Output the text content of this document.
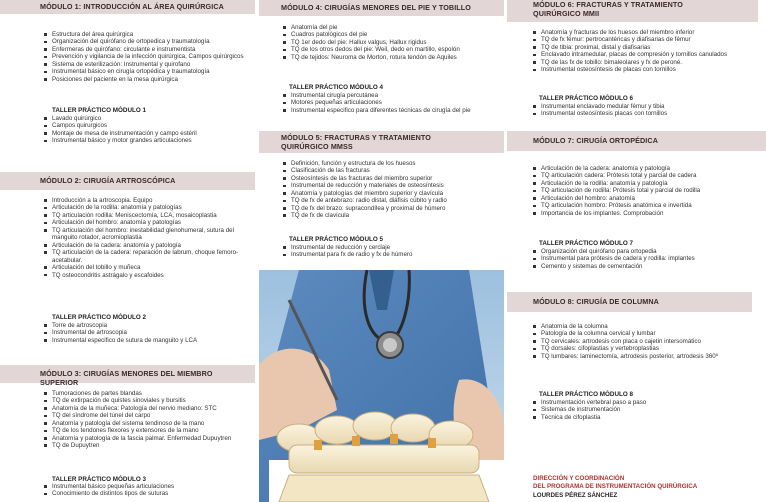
MÓDULO 1: INTRODUCCIÓN AL ÁREA QUIRÚRGICA
Estructura del área quirúrgica
Organización del quirófano de ortopedica y traumatología
Enfermeras de quirófano: circulante e instrumentista
Prevención y vigilancia de la infección quirúrgica, Campos quirúrgicos
Sistema de esterilización: Instrumental y quirofano
Instrumental básico en cirugía ortopédica y traumatología
Posiciones del paciente en la mesa quirúrgica
TALLER PRÁCTICO MÓDULO 1
Lavado quirúrgico
Campos quirurgicos
Montaje de mesa de instrumentación y campo estéril
Instrumental básico y motor grandes articulaciones
MÓDULO 2: CIRUGÍA ARTROSCÓPICA
Introducción a la artroscopia. Equipo
Articulación de la rodilla: anatomía y patologías
TQ articulación rodilla: Meniscectomía, LCA, mosaicoplastia
Articulación del hombro: anatomía y patologías
TQ articulación del hombro: inestabilidad glenohumeral, sutura del manguito rotador, acromioplastia
Articulación de la cadera: anatomía y patología
TQ articulación de la cadera: reparación de labrum, choque femoro- acetabular.
Articulación del tobillo y muñeca
TQ osteocondritis astrágalo y escafoides
TALLER PRÁCTICO MÓDULO 2
Torre de artroscopia
Instrumental de artroscopia
Instrumental especifico de sutura de manguito y LCA
MÓDULO 3: CIRUGÍAS MENORES DEL MIEMBRO SUPERIOR
Tumoraciones de partes blandas
TQ de extirpación de quistes sinoviales y bursitis
Anatomía de la muñeca: Patología del nervio mediano: STC
TQ del síndrome del túnel del carpo
Anatomía y patología del sistema tendinoso de la mano
TQ de los tendones flexores y extensores de la mano
Anatomía y patología de la fascia palmar. Enfermedad Dupuytren
TQ de Dupuytren
TALLER PRÁCTICO MÓDULO 3
Instrumental básico pequeñas articulaciones
Conocimiento de distintos tipos de suturas
MÓDULO 4: CIRUGÍAS MENORES DEL PIE Y TOBILLO
Anatomía del pie
Cuadros patológicos del pie
TQ 1er dedo del pie: Hallux valgus, Hallux rigidus
TQ de los otros dedos del pie: Weil, dedo en martillo, espolón
TQ de tejidos: Neuroma de Morton, rotura tendón de Aquiles
TALLER PRÁCTICO MÓDULO 4
Instrumental cirugía percutánea
Motores pequeñas articulaciones
Instrumental especifico para diferentes técnicas de cirugía del pie
MÓDULO 5: FRACTURAS Y TRATAMIENTO QUIRÚRGICO MMSS
Definición, función y estructura de los huesos
Clasificación de las fracturas
Osteosíntesis de las fracturas del miembro superior
Instrumental de reducción y materiales de osteosíntesis
Anatomía y patologías del miembro superior y clavícula
TQ de fx de antebrazo: radio distal, diáfisis cúbito y radio
TQ de fx del brazo: supracondílea y proximal de húmero
TQ de fx de clavícula
TALLER PRÁCTICO MÓDULO 5
Instrumental de reducción y cerclaje
Instrumental para fx de radio y fx de húmero
MÓDULO 6: FRACTURAS Y TRATAMIENTO QUIRÚRGICO MMII
Anatomía y fracturas de los huesos del miembro inferior
TQ de fx fémur: pertrocantéricas y diafisarias de fémur
TQ de tibia: proximal, distal y diafisarias
Enclavado intramedular, placas de compresión y tornillos canulados
TQ de las fx de tobillo: bimaleolares y fx de peroné.
Instrumental osteosíntesis de placas con tornillos
TALLER PRÁCTICO MÓDULO 6
Instrumental enclavado medular fémur y tibia
Instrumental osteosíntesis placas con tornillos
MÓDULO 7: CIRUGÍA ORTOPÉDICA
Articulación de la cadera: anatomía y patología
TQ articulación cadera: Prótesis total y parcial de cadera
Articulación de la rodilla: anatomía y patología
TQ articulación de rodilla: Prótesis total y parcial de rodilla
Articulación del hombro: anatomía
TQ articulación hombro: Prótesis anatómica e invertida
Importancia de los implantes. Comprobación
TALLER PRÁCTICO MÓDULO 7
Organización del quirófano para ortopedia
Instrumental para prótesis de cadera y rodilla: implantes
Cemento y sistemas de cementación
MÓDULO 8: CIRUGÍA DE COLUMNA
Anatomía de la columna
Patología de la columna cervical y lumbar
TQ cervicales: artrodesis con placa o cajetin intersomático
TQ dorsales: cifoplastias y vertebroplastias
TQ lumbares: laminectomía, artrodesis posterior, artrodesis 360º
TALLER PRÁCTICO MÓDULO 8
Instrumentación vertebral paso a paso
Sistemas de instrumentación
Técnica de cifoplastia
DIRECCIÓN Y COORDINACIÓN
DEL PROGRAMA DE INSTRUMENTACIÓN QUIRÚRGICA
LOURDES PÉREZ SÁNCHEZ
